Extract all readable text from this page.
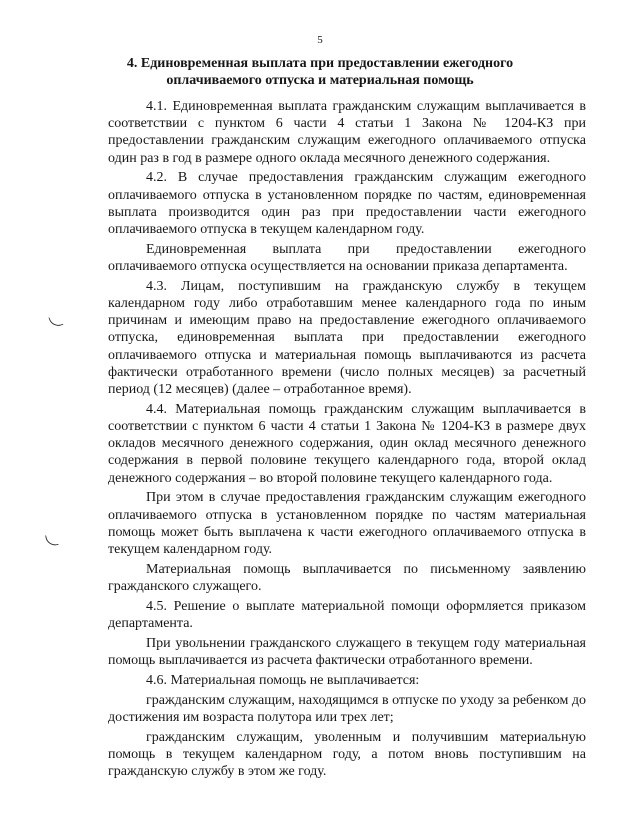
5
4. Единовременная выплата при предоставлении ежегодного
оплачиваемого отпуска и материальная помощь

4.1. Единовременная выплата гражданским служащим выплачивается в соответствии с пунктом 6 части 4 статьи 1 Закона № 1204-КЗ при предоставлении гражданским служащим ежегодного оплачиваемого отпуска один раз в год в размере одного оклада месячного денежного содержания.

4.2. В случае предоставления гражданским служащим ежегодного оплачиваемого отпуска в установленном порядке по частям, единовременная выплата производится один раз при предоставлении части ежегодного оплачиваемого отпуска в текущем календарном году.

Единовременная выплата при предоставлении ежегодного оплачиваемого отпуска осуществляется на основании приказа департамента.

4.3. Лицам, поступившим на гражданскую службу в текущем календарном году либо отработавшим менее календарного года по иным причинам и имеющим право на предоставление ежегодного оплачиваемого отпуска, единовременная выплата при предоставлении ежегодного оплачиваемого отпуска и материальная помощь выплачиваются из расчета фактически отработанного времени (число полных месяцев) за расчетный период (12 месяцев) (далее – отработанное время).

4.4. Материальная помощь гражданским служащим выплачивается в соответствии с пунктом 6 части 4 статьи 1 Закона № 1204-КЗ в размере двух окладов месячного денежного содержания, один оклад месячного денежного содержания в первой половине текущего календарного года, второй оклад денежного содержания – во второй половине текущего календарного года.

При этом в случае предоставления гражданским служащим ежегодного оплачиваемого отпуска в установленном порядке по частям материальная помощь может быть выплачена к части ежегодного оплачиваемого отпуска в текущем календарном году.

Материальная помощь выплачивается по письменному заявлению гражданского служащего.

4.5. Решение о выплате материальной помощи оформляется приказом департамента.

При увольнении гражданского служащего в текущем году материальная помощь выплачивается из расчета фактически отработанного времени.

4.6. Материальная помощь не выплачивается:

гражданским служащим, находящимся в отпуске по уходу за ребенком до достижения им возраста полутора или трех лет;

гражданским служащим, уволенным и получившим материальную помощь в текущем календарном году, а потом вновь поступившим на гражданскую службу в этом же году.
